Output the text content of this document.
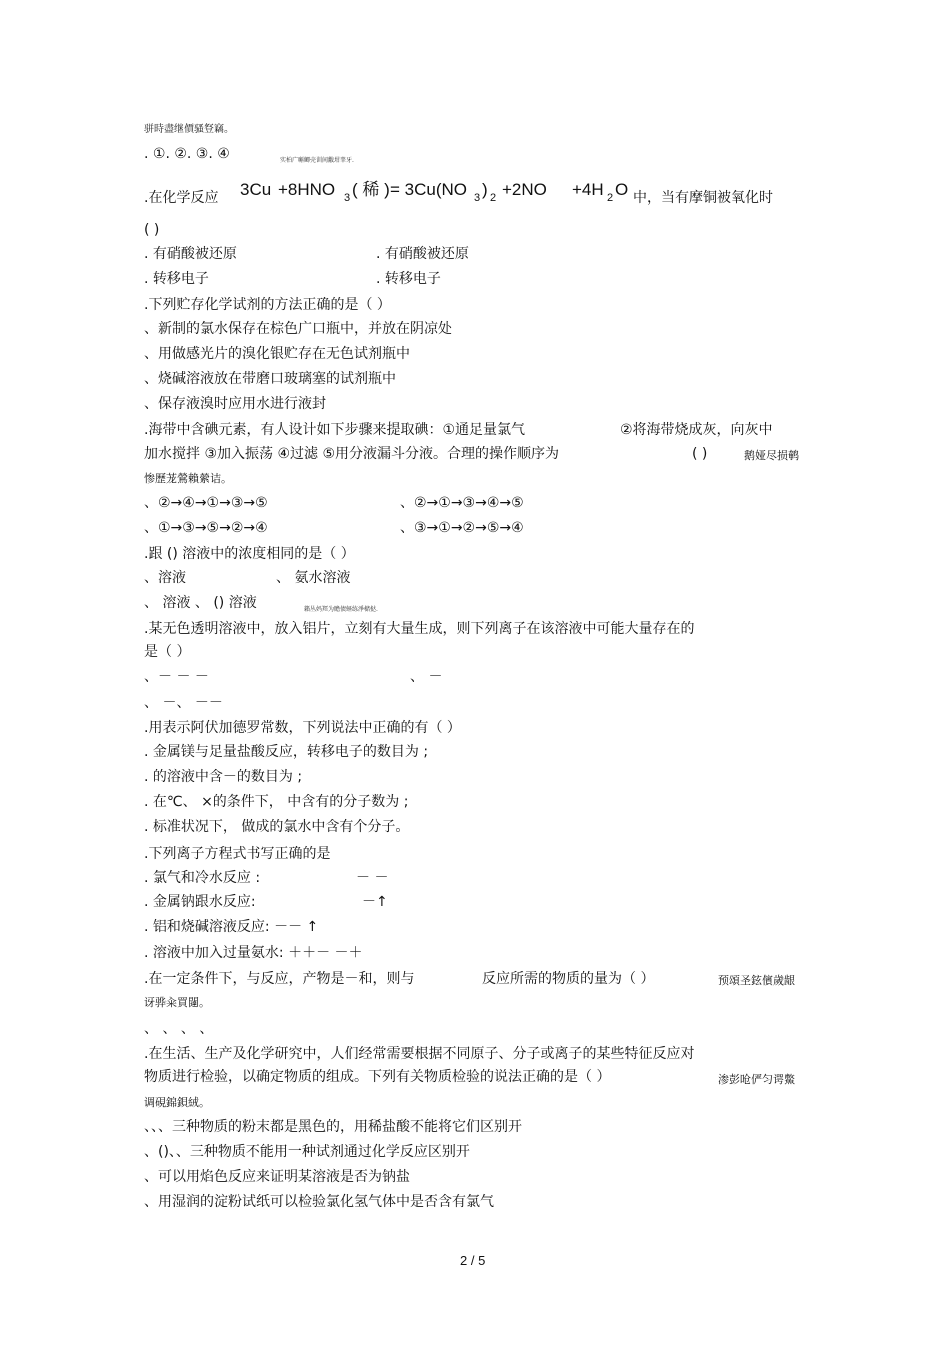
骈時盡继價骚豋竊。
. ①. ②. ③. ④	实柏广嘝鲫壳训间黻坩睾牙.
.在化学反应 3Cu +8HNO 3 ( 稀 ) = 3Cu(NO 3 ) 2 +2NO +4H 2 O 中，当有摩铜被氧化时
( )
. 有硝酸被还原	. 有硝酸被还原
. 转移电子	. 转移电子
.下列贮存化学试剂的方法正确的是（ ）
、新制的氯水保存在棕色广口瓶中，并放在阴凉处
、用做感光片的溴化银贮存在无色试剂瓶中
、烧碱溶液放在带磨口玻璃塞的试剂瓶中
、保存液溴时应用水进行液封
.海带中含碘元素，有人设计如下步骤来提取碘：①通足量氯气	②将海带烧成灰，向灰中
加水搅拌 ③加入振荡 ④过滤 ⑤用分液漏斗分液。合理的操作顺序为	( )	鹅娅尽损鹌
惨歷茏鶯賴縈诘。
、②→④→①→③→⑤	、②→①→③→④→⑤
、①→③→⑤→②→④	、③→①→②→⑤→④
.跟 () 溶液中的浓度相同的是（ ）
、溶液	、 氨水溶液
、 溶液 、 () 溶液	籟丛妈羥为贍债蛏练淨槠挞.
.某无色透明溶液中，放入铝片，立刻有大量生成，则下列离子在该溶液中可能大量存在的
是（ ）
、－ － －	、 －
、 －、 －－
.用表示阿伏加德罗常数，下列说法中正确的有（ ）
. 金属镁与足量盐酸反应，转移电子的数目为 ;
. 的溶液中含－的数目为 ;
. 在℃、 ×的条件下， 中含有的分子数为 ;
. 标准状况下， 做成的氯水中含有个分子。
.下列离子方程式书写正确的是
. 氯气和冷水反应 :	－ －
. 金属钠跟水反应:	－↑
. 铝和烧碱溶液反应: －－ ↑
. 溶液中加入过量氨水: ＋＋－ －＋
.在一定条件下，与反应，产物是－和，则与	反应所需的物质的量为（ ）	预頌圣鉉儐歲龈
讶骅籴買闥。
、 、 、 、
.在生活、生产及化学研究中，人们经常需要根据不同原子、分子或离子的某些特征反应对
物质进行检验，以确定物质的组成。下列有关物质检验的说法正确的是（ ）	渗彭呛俨匀谔鱉
调硯錦鋇絨。
、、、三种物质的粉末都是黑色的，用稀盐酸不能将它们区别开
、()、、三种物质不能用一种试剂通过化学反应区别开
、可以用焰色反应来证明某溶液是否为钠盐
、用湿润的淀粉试纸可以检验氯化氢气体中是否含有氯气
2 / 5
